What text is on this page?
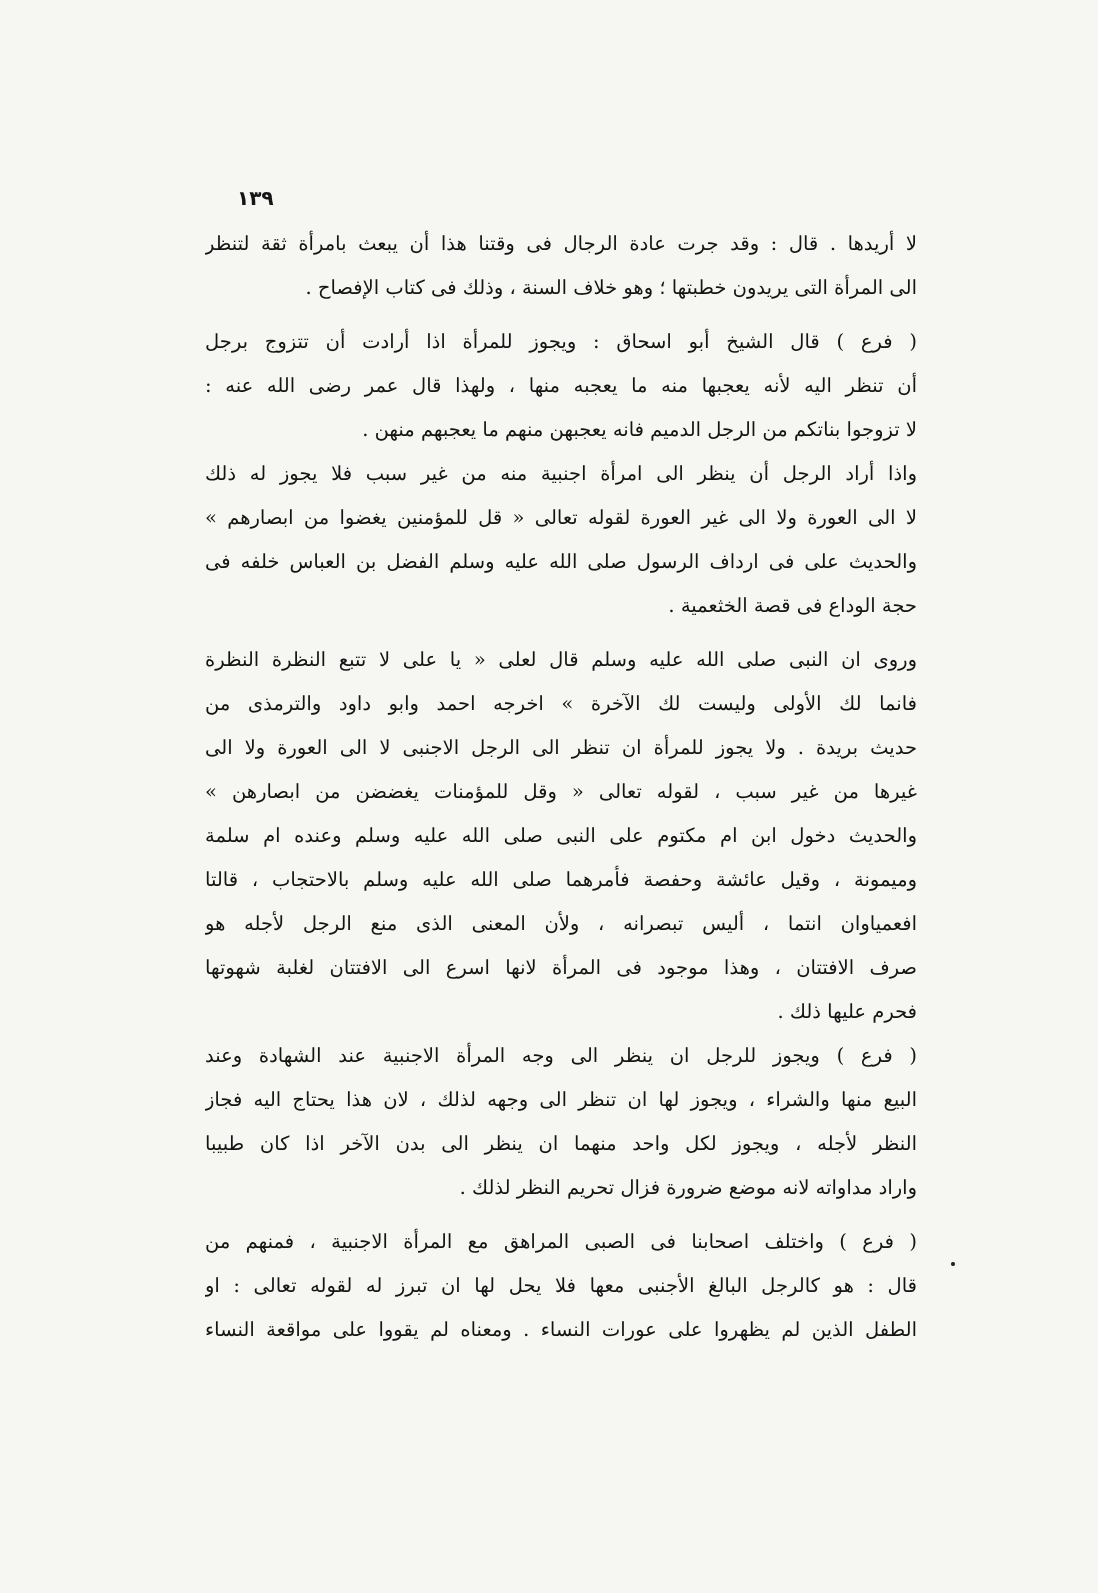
١٣٩
لا أريدها . قال : وقد جرت عادة الرجال فى وقتنا هذا أن يبعث بامرأة ثقة لتنظر
الى المرأة التى يريدون خطبتها ؛ وهو خلاف السنة ، وذلك فى كتاب الإفصاح .
( فرع ) قال الشيخ أبو اسحاق : ويجوز للمرأة اذا أرادت أن تتزوج برجل
أن تنظر اليه لأنه يعجبها منه ما يعجبه منها ، ولهذا قال عمر رضى الله عنه :
لا تزوجوا بناتكم من الرجل الدميم فانه يعجبهن منهم ما يعجبهم منهن .
واذا أراد الرجل أن ينظر الى امرأة اجنبية منه من غير سبب فلا يجوز له ذلك
لا الى العورة ولا الى غير العورة لقوله تعالى « قل للمؤمنين يغضوا من ابصارهم »
والحديث على فى ارداف الرسول صلى الله عليه وسلم الفضل بن العباس خلفه فى
حجة الوداع فى قصة الخثعمية .
وروى ان النبى صلى الله عليه وسلم قال لعلى « يا على لا تتبع النظرة النظرة
فانما لك الأولى وليست لك الآخرة » اخرجه احمد وابو داود والترمذى من
حديث بريدة . ولا يجوز للمرأة ان تنظر الى الرجل الاجنبى لا الى العورة ولا الى
غيرها من غير سبب ، لقوله تعالى « وقل للمؤمنات يغضضن من ابصارهن »
والحديث دخول ابن ام مكتوم على النبى صلى الله عليه وسلم وعنده ام سلمة
وميمونة ، وقيل عائشة وحفصة فأمرهما صلى الله عليه وسلم بالاحتجاب ، قالتا
افعمياوان انتما ، أليس تبصرانه ، ولأن المعنى الذى منع الرجل لأجله هو
صرف الافتتان ، وهذا موجود فى المرأة لانها اسرع الى الافتتان لغلبة شهوتها
فحرم عليها ذلك .
( فرع ) ويجوز للرجل ان ينظر الى وجه المرأة الاجنبية عند الشهادة وعند
البيع منها والشراء ، ويجوز لها ان تنظر الى وجهه لذلك ، لان هذا يحتاج اليه فجاز
النظر لأجله ، ويجوز لكل واحد منهما ان ينظر الى بدن الآخر اذا كان طبيبا
واراد مداواته لانه موضع ضرورة فزال تحريم النظر لذلك .
( فرع ) واختلف اصحابنا فى الصبى المراهق مع المرأة الاجنبية ، فمنهم من
قال : هو كالرجل البالغ الأجنبى معها فلا يحل لها ان تبرز له لقوله تعالى : او
الطفل الذين لم يظهروا على عورات النساء . ومعناه لم يقووا على مواقعة النساء
